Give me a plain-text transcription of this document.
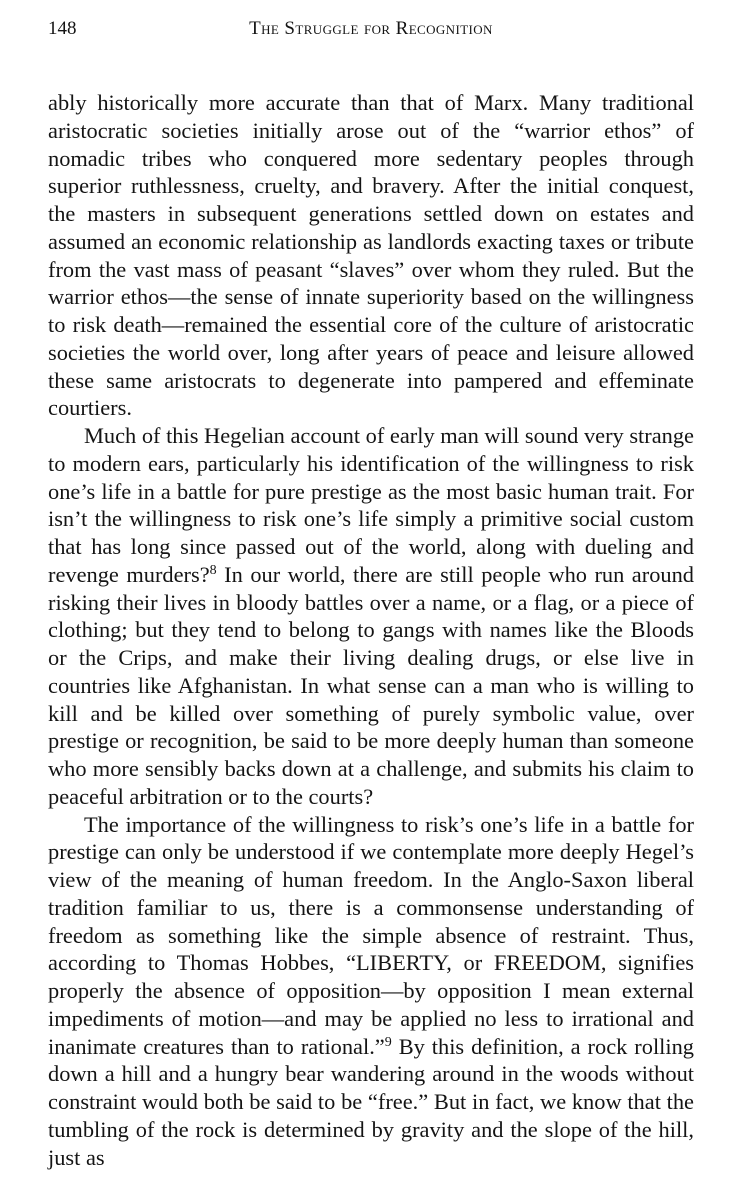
148	The Struggle for Recognition

ably historically more accurate than that of Marx. Many traditional aristocratic societies initially arose out of the “warrior ethos” of nomadic tribes who conquered more sedentary peoples through superior ruthlessness, cruelty, and bravery. After the initial conquest, the masters in subsequent generations settled down on estates and assumed an economic relationship as landlords exacting taxes or tribute from the vast mass of peasant “slaves” over whom they ruled. But the warrior ethos—the sense of innate superiority based on the willingness to risk death—remained the essential core of the culture of aristocratic societies the world over, long after years of peace and leisure allowed these same aristocrats to degenerate into pampered and effeminate courtiers.

Much of this Hegelian account of early man will sound very strange to modern ears, particularly his identification of the willingness to risk one’s life in a battle for pure prestige as the most basic human trait. For isn’t the willingness to risk one’s life simply a primitive social custom that has long since passed out of the world, along with dueling and revenge murders?$^8$ In our world, there are still people who run around risking their lives in bloody battles over a name, or a flag, or a piece of clothing; but they tend to belong to gangs with names like the Bloods or the Crips, and make their living dealing drugs, or else live in countries like Afghanistan. In what sense can a man who is willing to kill and be killed over something of purely symbolic value, over prestige or recognition, be said to be more deeply human than someone who more sensibly backs down at a challenge, and submits his claim to peaceful arbitration or to the courts?

The importance of the willingness to risk’s one’s life in a battle for prestige can only be understood if we contemplate more deeply Hegel’s view of the meaning of human freedom. In the Anglo-Saxon liberal tradition familiar to us, there is a commonsense understanding of freedom as something like the simple absence of restraint. Thus, according to Thomas Hobbes, “LIBERTY, or FREEDOM, signifies properly the absence of opposition—by opposition I mean external impediments of motion—and may be applied no less to irrational and inanimate creatures than to rational.”$^9$ By this definition, a rock rolling down a hill and a hungry bear wandering around in the woods without constraint would both be said to be “free.” But in fact, we know that the tumbling of the rock is determined by gravity and the slope of the hill, just as
